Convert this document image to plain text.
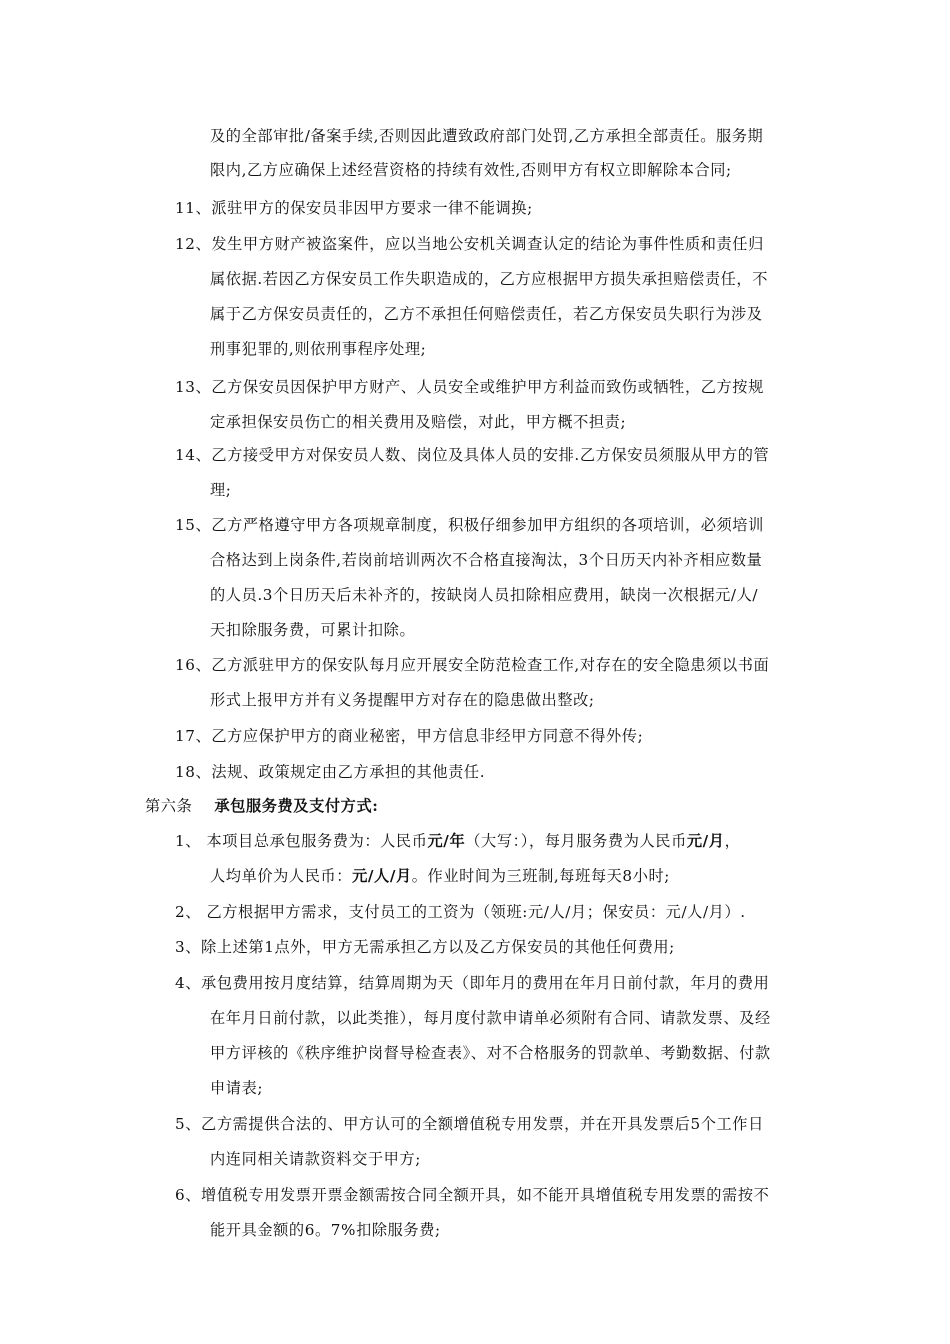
及的全部审批/备案手续,否则因此遭致政府部门处罚,乙方承担全部责任。服务期
限内,乙方应确保上述经营资格的持续有效性,否则甲方有权立即解除本合同;
11、派驻甲方的保安员非因甲方要求一律不能调换;
12、发生甲方财产被盗案件，应以当地公安机关调查认定的结论为事件性质和责任归
属依据.若因乙方保安员工作失职造成的，乙方应根据甲方损失承担赔偿责任，不
属于乙方保安员责任的，乙方不承担任何赔偿责任，若乙方保安员失职行为涉及
刑事犯罪的,则依刑事程序处理;
13、乙方保安员因保护甲方财产、人员安全或维护甲方利益而致伤或牺牲，乙方按规
定承担保安员伤亡的相关费用及赔偿，对此，甲方概不担责;
14、乙方接受甲方对保安员人数、岗位及具体人员的安排.乙方保安员须服从甲方的管
理;
15、乙方严格遵守甲方各项规章制度，积极仔细参加甲方组织的各项培训，必须培训
合格达到上岗条件,若岗前培训两次不合格直接淘汰，3个日历天内补齐相应数量
的人员.3个日历天后未补齐的，按缺岗人员扣除相应费用，缺岗一次根据元/人/
天扣除服务费，可累计扣除。
16、乙方派驻甲方的保安队每月应开展安全防范检查工作,对存在的安全隐患须以书面
形式上报甲方并有义务提醒甲方对存在的隐患做出整改;
17、乙方应保护甲方的商业秘密，甲方信息非经甲方同意不得外传;
18、法规、政策规定由乙方承担的其他责任.
第六条 承包服务费及支付方式:
1、 本项目总承包服务费为：人民币元/年（大写：），每月服务费为人民币元/月，
人均单价为人民币：元/人/月。作业时间为三班制,每班每天8小时;
2、 乙方根据甲方需求，支付员工的工资为（领班:元/人/月；保安员：元/人/月）.
3、除上述第1点外，甲方无需承担乙方以及乙方保安员的其他任何费用;
4、承包费用按月度结算，结算周期为天（即年月的费用在年月日前付款，年月的费用
在年月日前付款，以此类推），每月度付款申请单必须附有合同、请款发票、及经
甲方评核的《秩序维护岗督导检查表》、对不合格服务的罚款单、考勤数据、付款
申请表;
5、乙方需提供合法的、甲方认可的全额增值税专用发票，并在开具发票后5个工作日
内连同相关请款资料交于甲方;
6、增值税专用发票开票金额需按合同全额开具，如不能开具增值税专用发票的需按不
能开具金额的6。7%扣除服务费;
